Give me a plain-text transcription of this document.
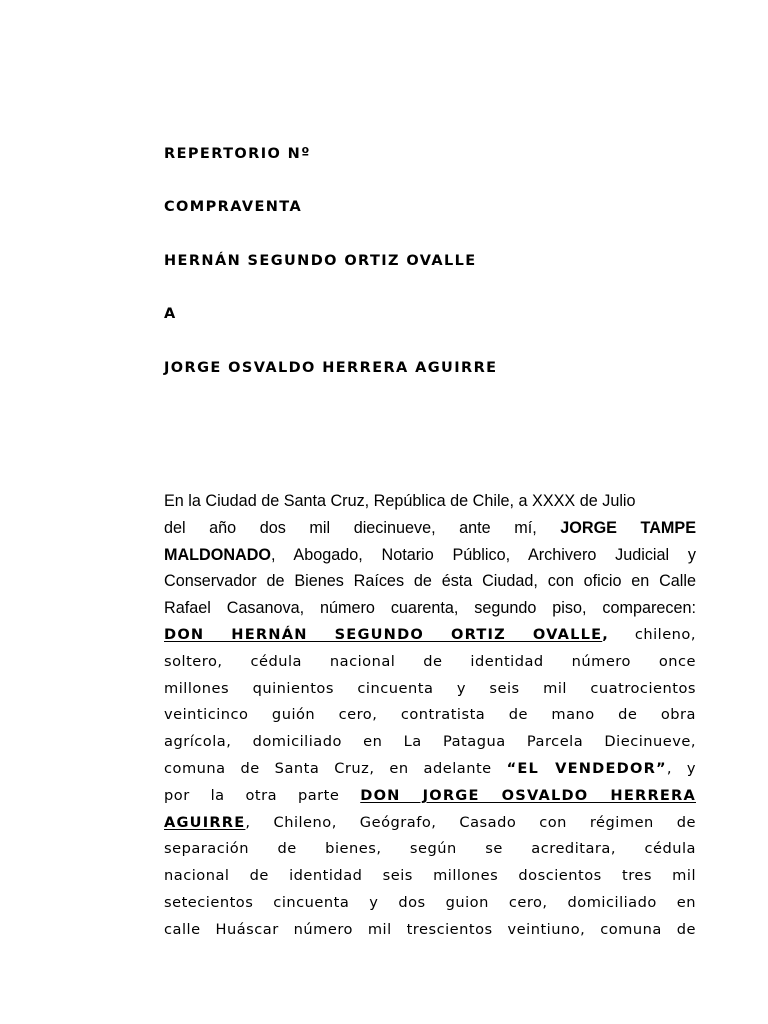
REPERTORIO Nº

COMPRAVENTA

HERNÁN SEGUNDO ORTIZ OVALLE

A

JORGE OSVALDO HERRERA AGUIRRE

En la Ciudad de Santa Cruz, República de Chile, a XXXX de Julio
del año dos mil diecinueve, ante mí, JORGE TAMPE
MALDONADO, Abogado, Notario Público, Archivero Judicial y
Conservador de Bienes Raíces de ésta Ciudad, con oficio en Calle
Rafael Casanova, número cuarenta, segundo piso, comparecen:
DON HERNÁN SEGUNDO ORTIZ OVALLE, chileno,
soltero, cédula nacional de identidad número once
millones quinientos cincuenta y seis mil cuatrocientos
veinticinco guión cero, contratista de mano de obra
agrícola, domiciliado en La Patagua Parcela Diecinueve,
comuna de Santa Cruz, en adelante “EL VENDEDOR”, y
por la otra parte DON JORGE OSVALDO HERRERA
AGUIRRE, Chileno, Geógrafo, Casado con régimen de
separación de bienes, según se acreditara, cédula
nacional de identidad seis millones doscientos tres mil
setecientos cincuenta y dos guion cero, domiciliado en
calle Huáscar número mil trescientos veintiuno, comuna de
